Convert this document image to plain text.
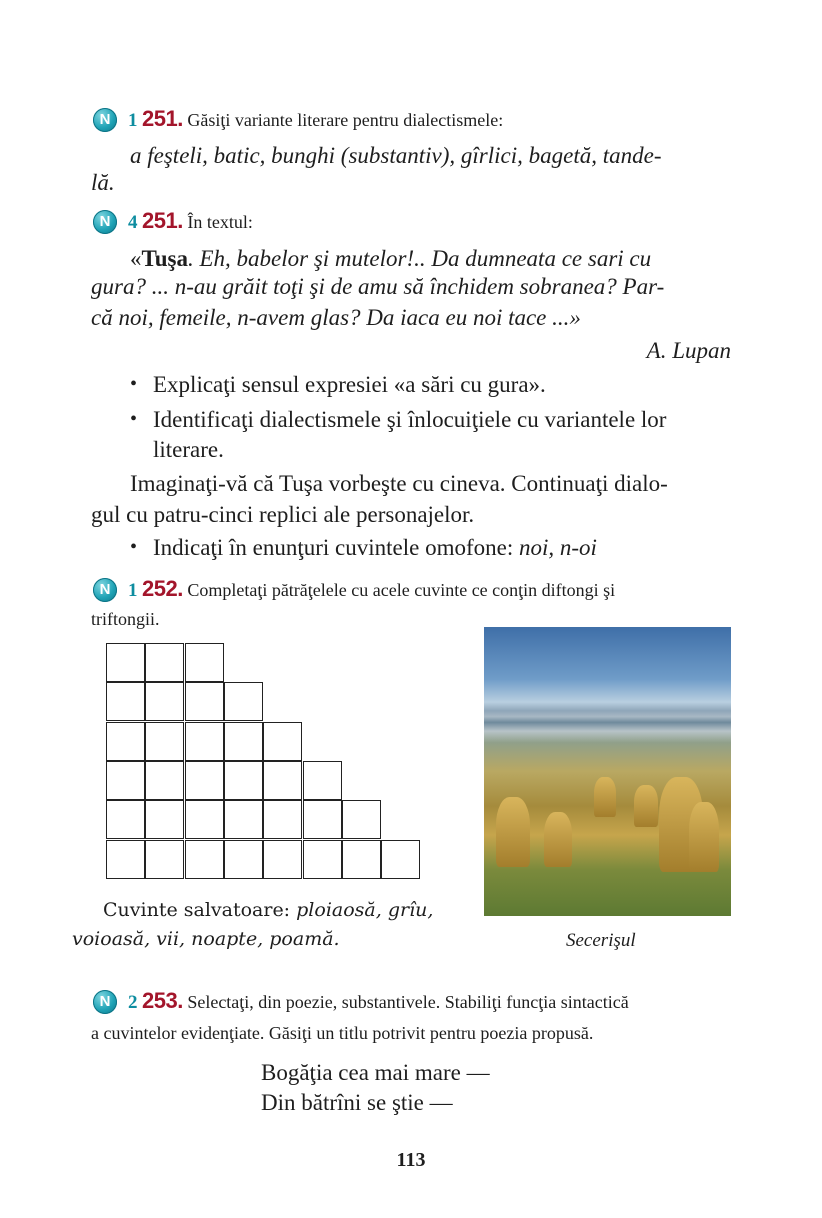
N 1 251. Găsiţi variante literare pentru dialectismele:
a feşteli, batic, bunghi (substantiv), gîrlici, bagetă, tande-
lă.
N 4 251. În textul:
«Tuşa. Eh, babelor şi mutelor!.. Da dumneata ce sari cu
gura? ... n-au grăit toţi şi de amu să închidem sobranea? Par-
că noi, femeile, n-avem glas? Da iaca eu noi tace ...»
A. Lupan
• Explicaţi sensul expresiei «a sări cu gura».
• Identificaţi dialectismele şi înlocuiţiele cu variantele lor
literare.
Imaginaţi-vă că Tuşa vorbeşte cu cineva. Continuaţi dialo-
gul cu patru-cinci replici ale personajelor.
• Indicaţi în enunţuri cuvintele omofone: noi, n-oi
N 1 252. Completaţi pătrăţelele cu acele cuvinte ce conţin diftongi şi
triftongii.
Cuvinte salvatoare: ploiaosă, grîu,
voioasă, vii, noapte, poamă.	Secerişul
N 2 253. Selectaţi, din poezie, substantivele. Stabiliţi funcţia sintactică
a cuvintelor evidenţiate. Găsiţi un titlu potrivit pentru poezia propusă.
Bogăţia cea mai mare —
Din bătrîni se ştie —
113
